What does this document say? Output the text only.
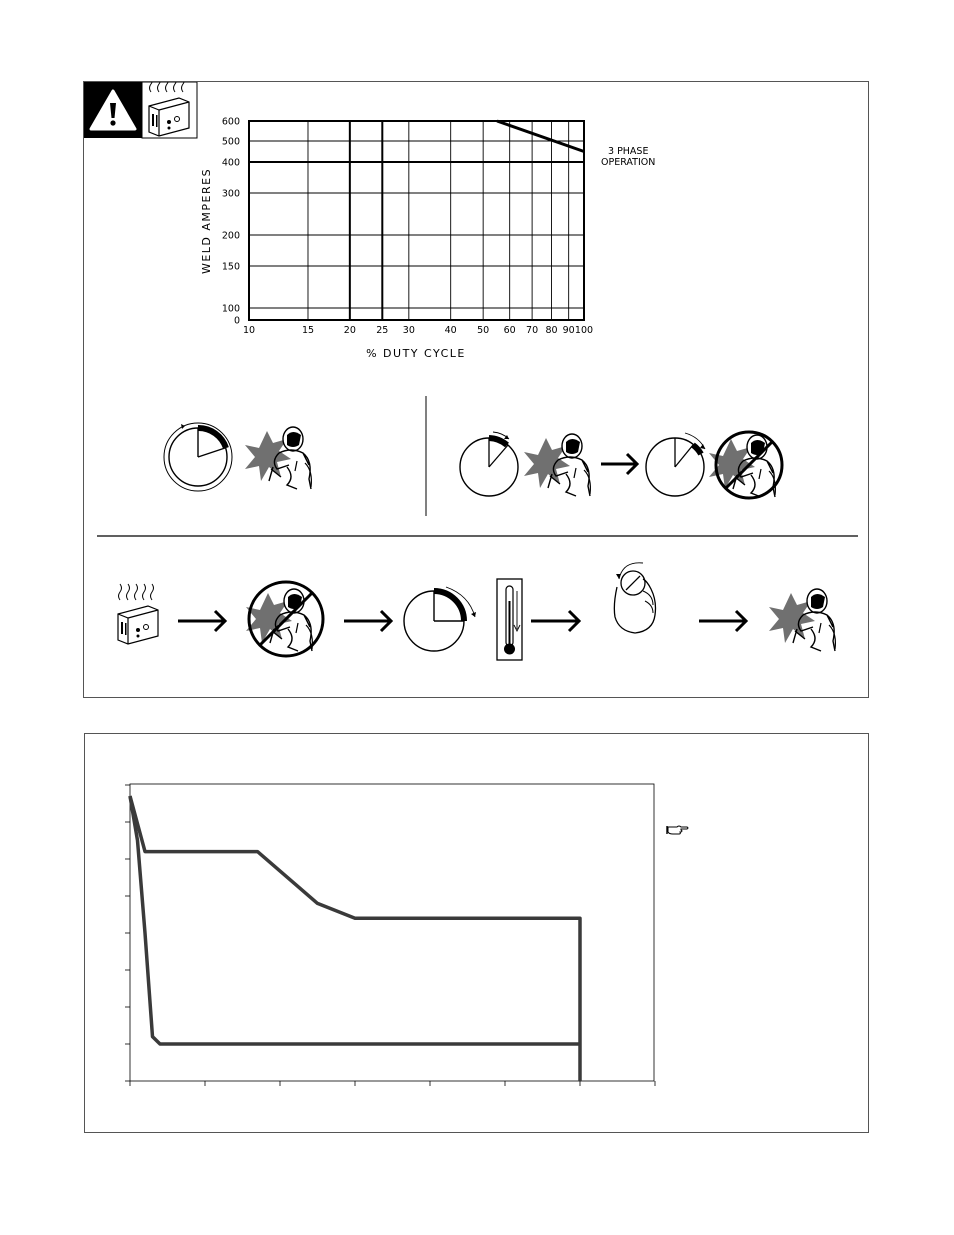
10	15	20 25 30	40 50 60 70 80 90 100
600
500
400
300
200
150
100
0
3 PHASE
OPERATION
% DUTY CYCLE
WELD AMPERES
